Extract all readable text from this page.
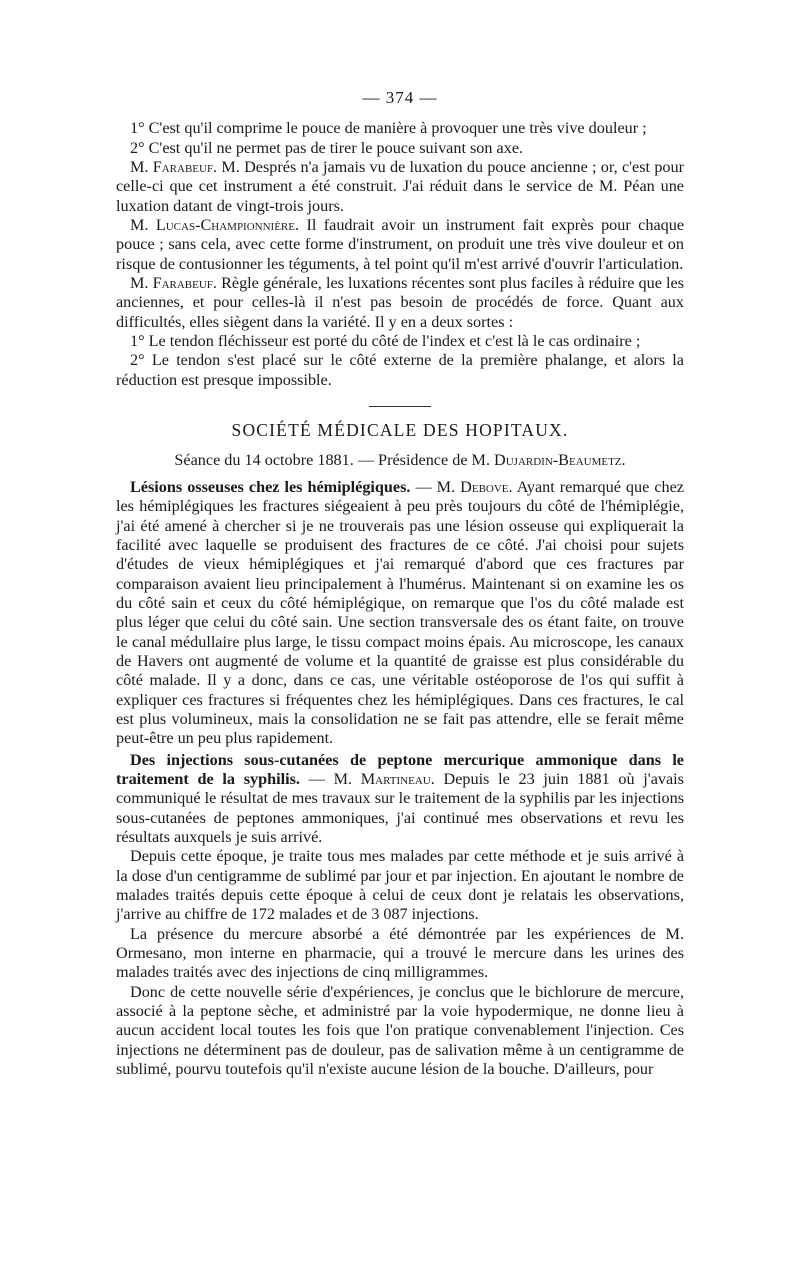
— 374 —

1° C'est qu'il comprime le pouce de manière à provoquer une très vive douleur ;

2° C'est qu'il ne permet pas de tirer le pouce suivant son axe.

M. Farabeuf. M. Després n'a jamais vu de luxation du pouce ancienne ; or, c'est pour celle-ci que cet instrument a été construit. J'ai réduit dans le service de M. Péan une luxation datant de vingt-trois jours.

M. Lucas-Championnière. Il faudrait avoir un instrument fait exprès pour chaque pouce ; sans cela, avec cette forme d'instrument, on produit une très vive douleur et on risque de contusionner les téguments, à tel point qu'il m'est arrivé d'ouvrir l'articulation.

M. Farabeuf. Règle générale, les luxations récentes sont plus faciles à réduire que les anciennes, et pour celles-là il n'est pas besoin de procédés de force. Quant aux difficultés, elles siègent dans la variété. Il y en a deux sortes :

1° Le tendon fléchisseur est porté du côté de l'index et c'est là le cas ordinaire ;

2° Le tendon s'est placé sur le côté externe de la première phalange, et alors la réduction est presque impossible.

SOCIÉTÉ MÉDICALE DES HOPITAUX.
Séance du 14 octobre 1881. — Présidence de M. Dujardin-Beaumetz.

Lésions osseuses chez les hémiplégiques. — M. Debove. Ayant remarqué que chez les hémiplégiques les fractures siégeaient à peu près toujours du côté de l'hémiplégie, j'ai été amené à chercher si je ne trouverais pas une lésion osseuse qui expliquerait la facilité avec laquelle se produisent des fractures de ce côté. J'ai choisi pour sujets d'études de vieux hémiplégiques et j'ai remarqué d'abord que ces fractures par comparaison avaient lieu principalement à l'humérus. Maintenant si on examine les os du côté sain et ceux du côté hémiplégique, on remarque que l'os du côté malade est plus léger que celui du côté sain. Une section transversale des os étant faite, on trouve le canal médullaire plus large, le tissu compact moins épais. Au microscope, les canaux de Havers ont augmenté de volume et la quantité de graisse est plus considérable du côté malade. Il y a donc, dans ce cas, une véritable ostéoporose de l'os qui suffit à expliquer ces fractures si fréquentes chez les hémiplégiques. Dans ces fractures, le cal est plus volumineux, mais la consolidation ne se fait pas attendre, elle se ferait même peut-être un peu plus rapidement.

Des injections sous-cutanées de peptone mercurique ammonique dans le traitement de la syphilis. — M. Martineau. Depuis le 23 juin 1881 où j'avais communiqué le résultat de mes travaux sur le traitement de la syphilis par les injections sous-cutanées de peptones ammoniques, j'ai continué mes observations et revu les résultats auxquels je suis arrivé.

Depuis cette époque, je traite tous mes malades par cette méthode et je suis arrivé à la dose d'un centigramme de sublimé par jour et par injection. En ajoutant le nombre de malades traités depuis cette époque à celui de ceux dont je relatais les observations, j'arrive au chiffre de 172 malades et de 3 087 injections.

La présence du mercure absorbé a été démontrée par les expériences de M. Ormesano, mon interne en pharmacie, qui a trouvé le mercure dans les urines des malades traités avec des injections de cinq milligrammes.

Donc de cette nouvelle série d'expériences, je conclus que le bichlorure de mercure, associé à la peptone sèche, et administré par la voie hypodermique, ne donne lieu à aucun accident local toutes les fois que l'on pratique convenablement l'injection. Ces injections ne déterminent pas de douleur, pas de salivation même à un centigramme de sublimé, pourvu toutefois qu'il n'existe aucune lésion de la bouche. D'ailleurs, pour
